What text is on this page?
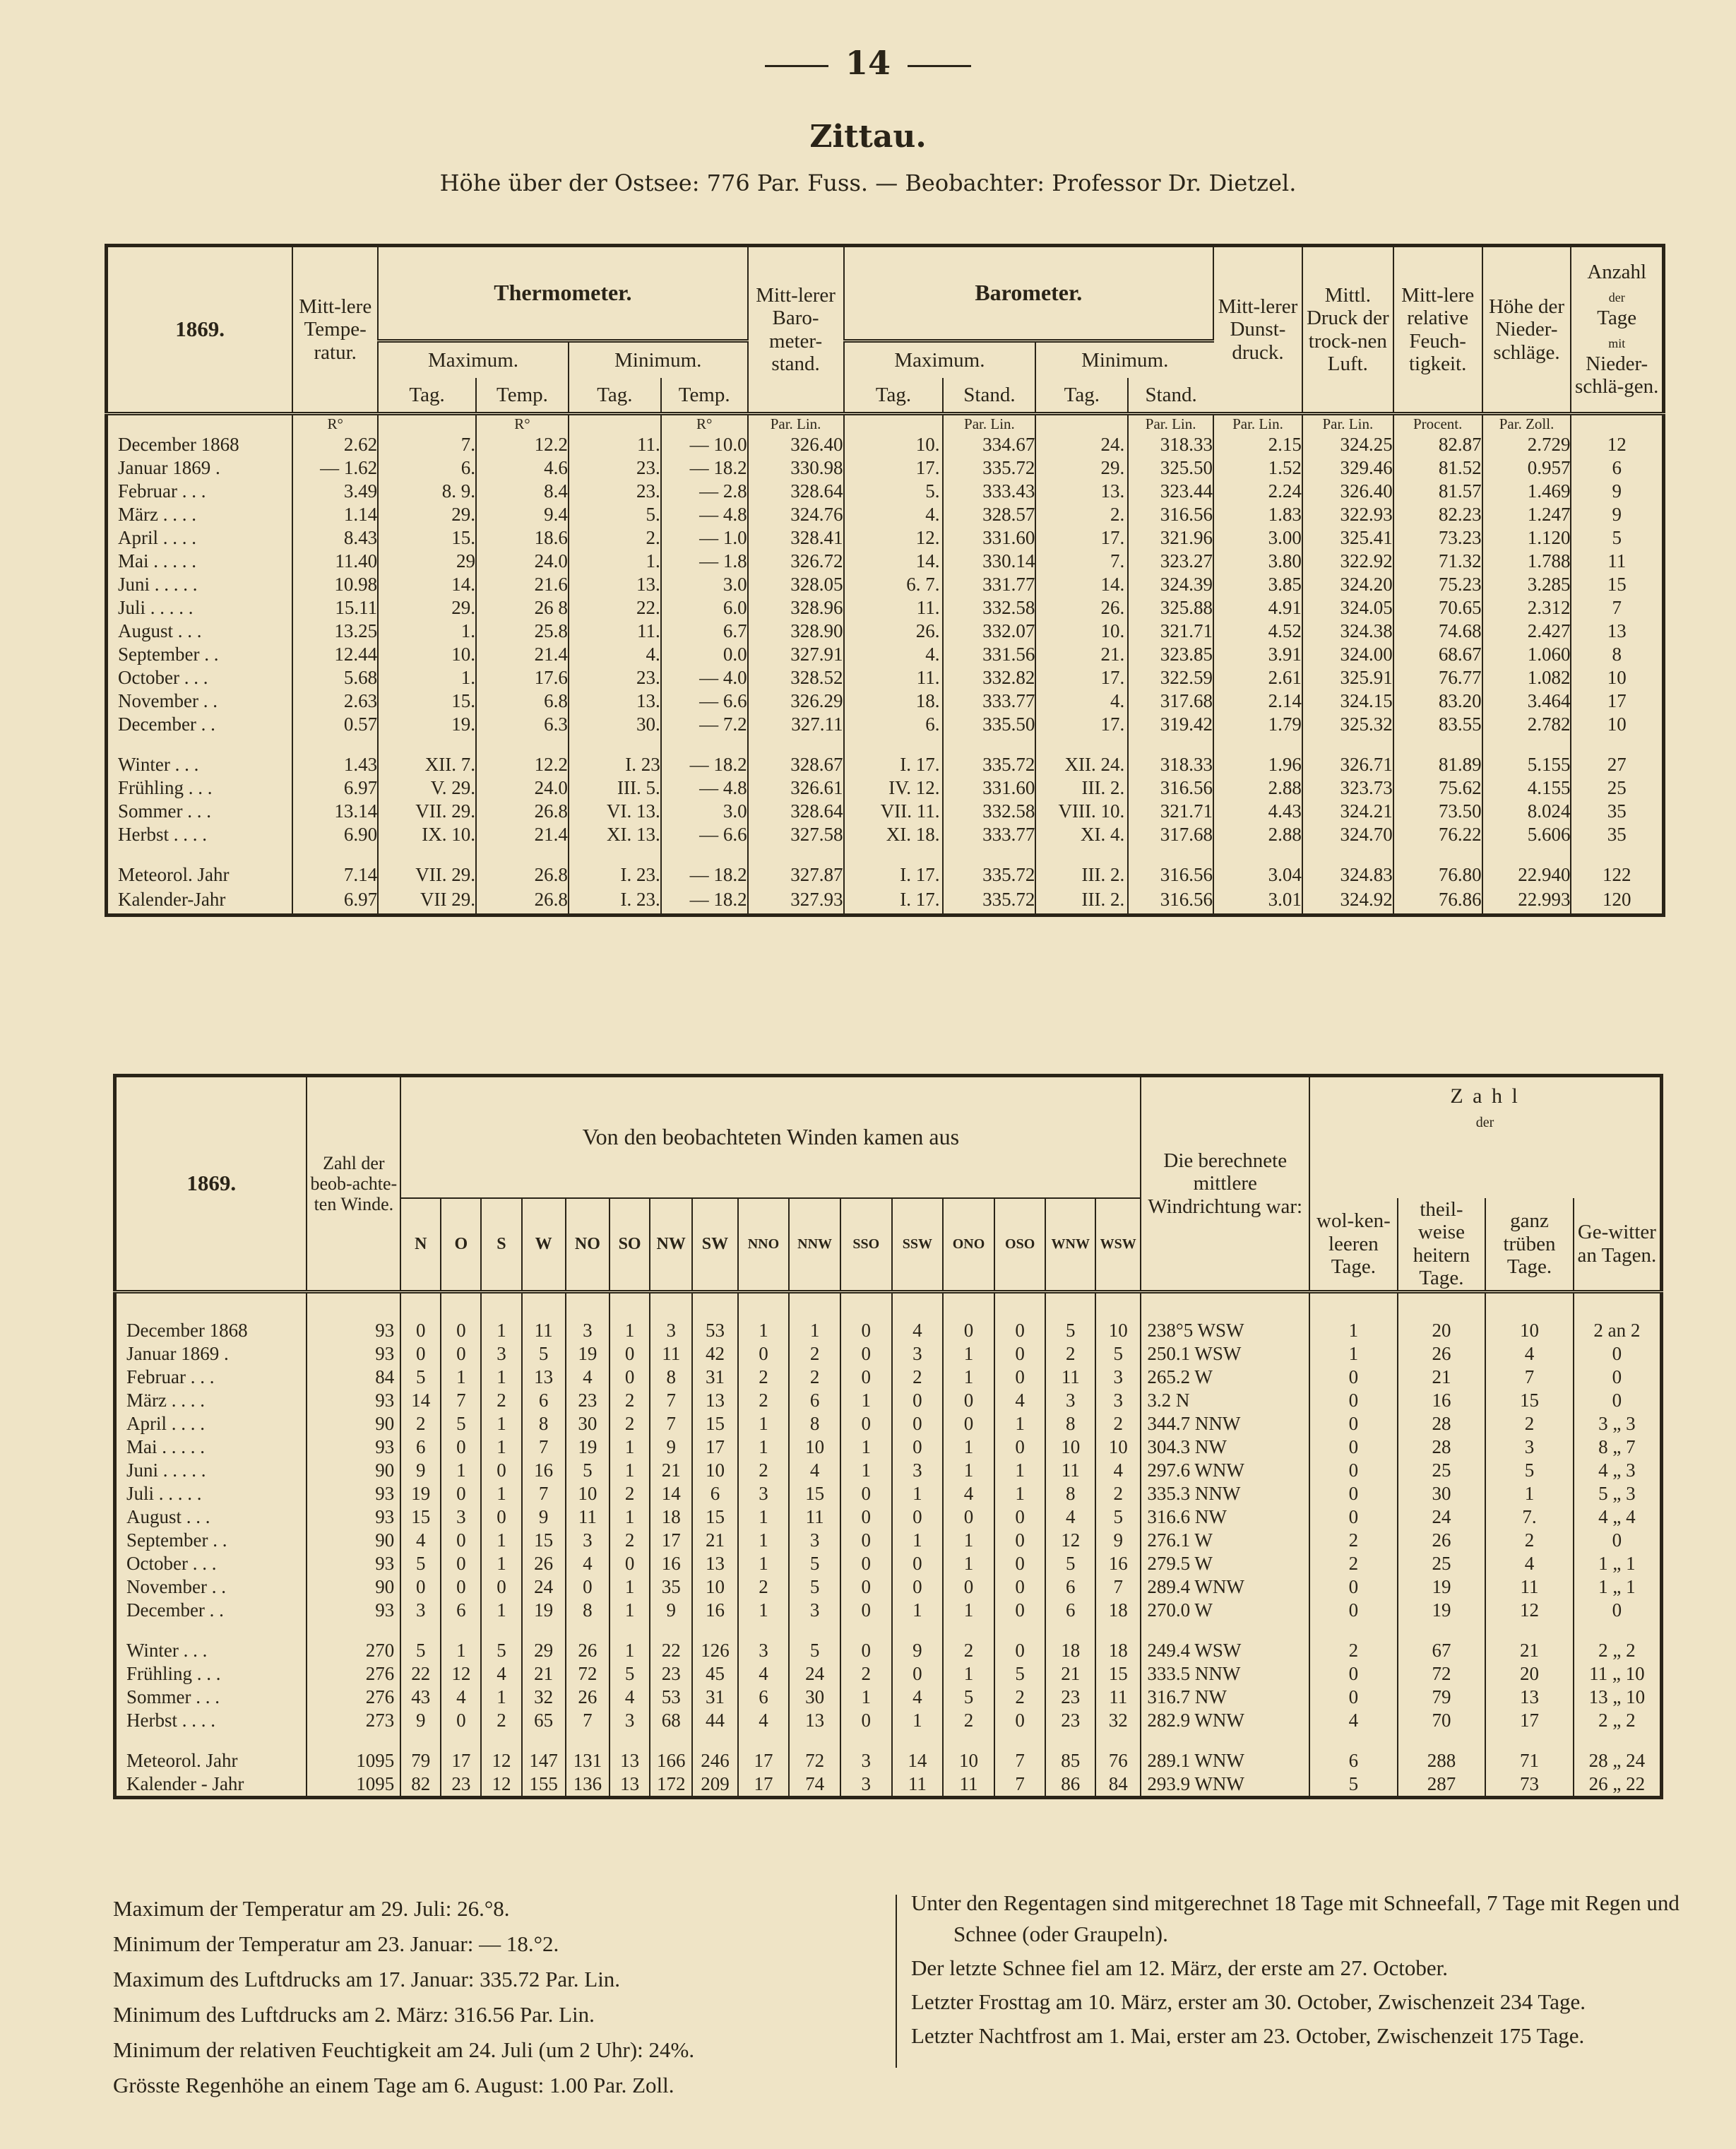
14
Zittau.
Höhe über der Ostsee: 776 Par. Fuss. — Beobachter: Professor Dr. Dietzel.
1869.	Mitt-lere Tempe-ratur.	Thermometer.				Mitt-lerer Baro-meter-stand.	Barometer.				Mitt-lerer Dunst-druck.	Mittl. Druck der trock-nen Luft.	Mitt-lere relative Feuch-tigkeit.	Höhe der Nieder-schläge.	Anzahl
der
Tage
mit
Nieder-schlä-gen.
		Maximum.		Minimum.			Maximum.		Minimum.						
		Tag.	Temp.	Tag.	Temp.		Tag.	Stand.	Tag.	Stand.					
	R°		R°		R°	Par. Lin.		Par. Lin.		Par. Lin.	Par. Lin.	Par. Lin.	Procent.	Par. Zoll.	
December 1868	2.62	7.	12.2	11.	— 10.0	326.40	10.	334.67	24.	318.33	2.15	324.25	82.87	2.729	12
Januar 1869 .	— 1.62	6.	4.6	23.	— 18.2	330.98	17.	335.72	29.	325.50	1.52	329.46	81.52	0.957	6
Februar . . .	3.49	8. 9.	8.4	23.	— 2.8	328.64	5.	333.43	13.	323.44	2.24	326.40	81.57	1.469	9
März . . . .	1.14	29.	9.4	5.	— 4.8	324.76	4.	328.57	2.	316.56	1.83	322.93	82.23	1.247	9
April . . . .	8.43	15.	18.6	2.	— 1.0	328.41	12.	331.60	17.	321.96	3.00	325.41	73.23	1.120	5
Mai . . . . .	11.40	29	24.0	1.	— 1.8	326.72	14.	330.14	7.	323.27	3.80	322.92	71.32	1.788	11
Juni . . . . .	10.98	14.	21.6	13.	3.0	328.05	6. 7.	331.77	14.	324.39	3.85	324.20	75.23	3.285	15
Juli . . . . .	15.11	29.	26 8	22.	6.0	328.96	11.	332.58	26.	325.88	4.91	324.05	70.65	2.312	7
August . . .	13.25	1.	25.8	11.	6.7	328.90	26.	332.07	10.	321.71	4.52	324.38	74.68	2.427	13
September . .	12.44	10.	21.4	4.	0.0	327.91	4.	331.56	21.	323.85	3.91	324.00	68.67	1.060	8
October . . .	5.68	1.	17.6	23.	— 4.0	328.52	11.	332.82	17.	322.59	2.61	325.91	76.77	1.082	10
November . .	2.63	15.	6.8	13.	— 6.6	326.29	18.	333.77	4.	317.68	2.14	324.15	83.20	3.464	17
December . .	0.57	19.	6.3	30.	— 7.2	327.11	6.	335.50	17.	319.42	1.79	325.32	83.55	2.782	10

Winter . . .	1.43	XII. 7.	12.2	I. 23	— 18.2	328.67	I. 17.	335.72	XII. 24.	318.33	1.96	326.71	81.89	5.155	27
Frühling . . .	6.97	V. 29.	24.0	III. 5.	— 4.8	326.61	IV. 12.	331.60	III. 2.	316.56	2.88	323.73	75.62	4.155	25
Sommer . . .	13.14	VII. 29.	26.8	VI. 13.	3.0	328.64	VII. 11.	332.58	VIII. 10.	321.71	4.43	324.21	73.50	8.024	35
Herbst . . . .	6.90	IX. 10.	21.4	XI. 13.	— 6.6	327.58	XI. 18.	333.77	XI. 4.	317.68	2.88	324.70	76.22	5.606	35

Meteorol. Jahr	7.14	VII. 29.	26.8	I. 23.	— 18.2	327.87	I. 17.	335.72	III. 2.	316.56	3.04	324.83	76.80	22.940	122
Kalender-Jahr	6.97	VII 29.	26.8	I. 23.	— 18.2	327.93	I. 17.	335.72	III. 2.	316.56	3.01	324.92	76.86	22.993	120
1869.	Zahl der beob-achte-ten Winde.	Von den beobachteten Winden kamen aus																Die berechnete mittlere Windrichtung war:	Z a h l
der			
		N	O	S	W	NO	SO	NW	SW	NNO	NNW	SSO	SSW	ONO	OSO	WNW	WSW		wol-ken-leeren Tage.	theil-weise heitern Tage.	ganz trüben Tage.	Ge-witter an Tagen.

December 1868	93	0	0	1	11	3	1	3	53	1	1	0	4	0	0	5	10	238°5 WSW	1	20	10	2 an 2
Januar 1869 .	93	0	0	3	5	19	0	11	42	0	2	0	3	1	0	2	5	250.1 WSW	1	26	4	0
Februar . . .	84	5	1	1	13	4	0	8	31	2	2	0	2	1	0	11	3	265.2 W	0	21	7	0
März . . . .	93	14	7	2	6	23	2	7	13	2	6	1	0	0	4	3	3	3.2 N	0	16	15	0
April . . . .	90	2	5	1	8	30	2	7	15	1	8	0	0	0	1	8	2	344.7 NNW	0	28	2	3 „ 3
Mai . . . . .	93	6	0	1	7	19	1	9	17	1	10	1	0	1	0	10	10	304.3 NW	0	28	3	8 „ 7
Juni . . . . .	90	9	1	0	16	5	1	21	10	2	4	1	3	1	1	11	4	297.6 WNW	0	25	5	4 „ 3
Juli . . . . .	93	19	0	1	7	10	2	14	6	3	15	0	1	4	1	8	2	335.3 NNW	0	30	1	5 „ 3
August . . .	93	15	3	0	9	11	1	18	15	1	11	0	0	0	0	4	5	316.6 NW	0	24	7.	4 „ 4
September . .	90	4	0	1	15	3	2	17	21	1	3	0	1	1	0	12	9	276.1 W	2	26	2	0
October . . .	93	5	0	1	26	4	0	16	13	1	5	0	0	1	0	5	16	279.5 W	2	25	4	1 „ 1
November . .	90	0	0	0	24	0	1	35	10	2	5	0	0	0	0	6	7	289.4 WNW	0	19	11	1 „ 1
December . .	93	3	6	1	19	8	1	9	16	1	3	0	1	1	0	6	18	270.0 W	0	19	12	0

Winter . . .	270	5	1	5	29	26	1	22	126	3	5	0	9	2	0	18	18	249.4 WSW	2	67	21	2 „ 2
Frühling . . .	276	22	12	4	21	72	5	23	45	4	24	2	0	1	5	21	15	333.5 NNW	0	72	20	11 „ 10
Sommer . . .	276	43	4	1	32	26	4	53	31	6	30	1	4	5	2	23	11	316.7 NW	0	79	13	13 „ 10
Herbst . . . .	273	9	0	2	65	7	3	68	44	4	13	0	1	2	0	23	32	282.9 WNW	4	70	17	2 „ 2

Meteorol. Jahr	1095	79	17	12	147	131	13	166	246	17	72	3	14	10	7	85	76	289.1 WNW	6	288	71	28 „ 24
Kalender - Jahr	1095	82	23	12	155	136	13	172	209	17	74	3	11	11	7	86	84	293.9 WNW	5	287	73	26 „ 22

Maximum der Temperatur am 29. Juli: 26.°8.

Minimum der Temperatur am 23. Januar: — 18.°2.

Maximum des Luftdrucks am 17. Januar: 335.72 Par. Lin.

Minimum des Luftdrucks am 2. März: 316.56 Par. Lin.

Minimum der relativen Feuchtigkeit am 24. Juli (um 2 Uhr): 24%.

Grösste Regenhöhe an einem Tage am 6. August: 1.00 Par. Zoll.

Unter den Regentagen sind mitgerechnet 18 Tage mit Schneefall, 7 Tage mit Regen und Schnee (oder Graupeln).

Der letzte Schnee fiel am 12. März, der erste am 27. October.

Letzter Frosttag am 10. März, erster am 30. October, Zwischenzeit 234 Tage.

Letzter Nachtfrost am 1. Mai, erster am 23. October, Zwischenzeit 175 Tage.
